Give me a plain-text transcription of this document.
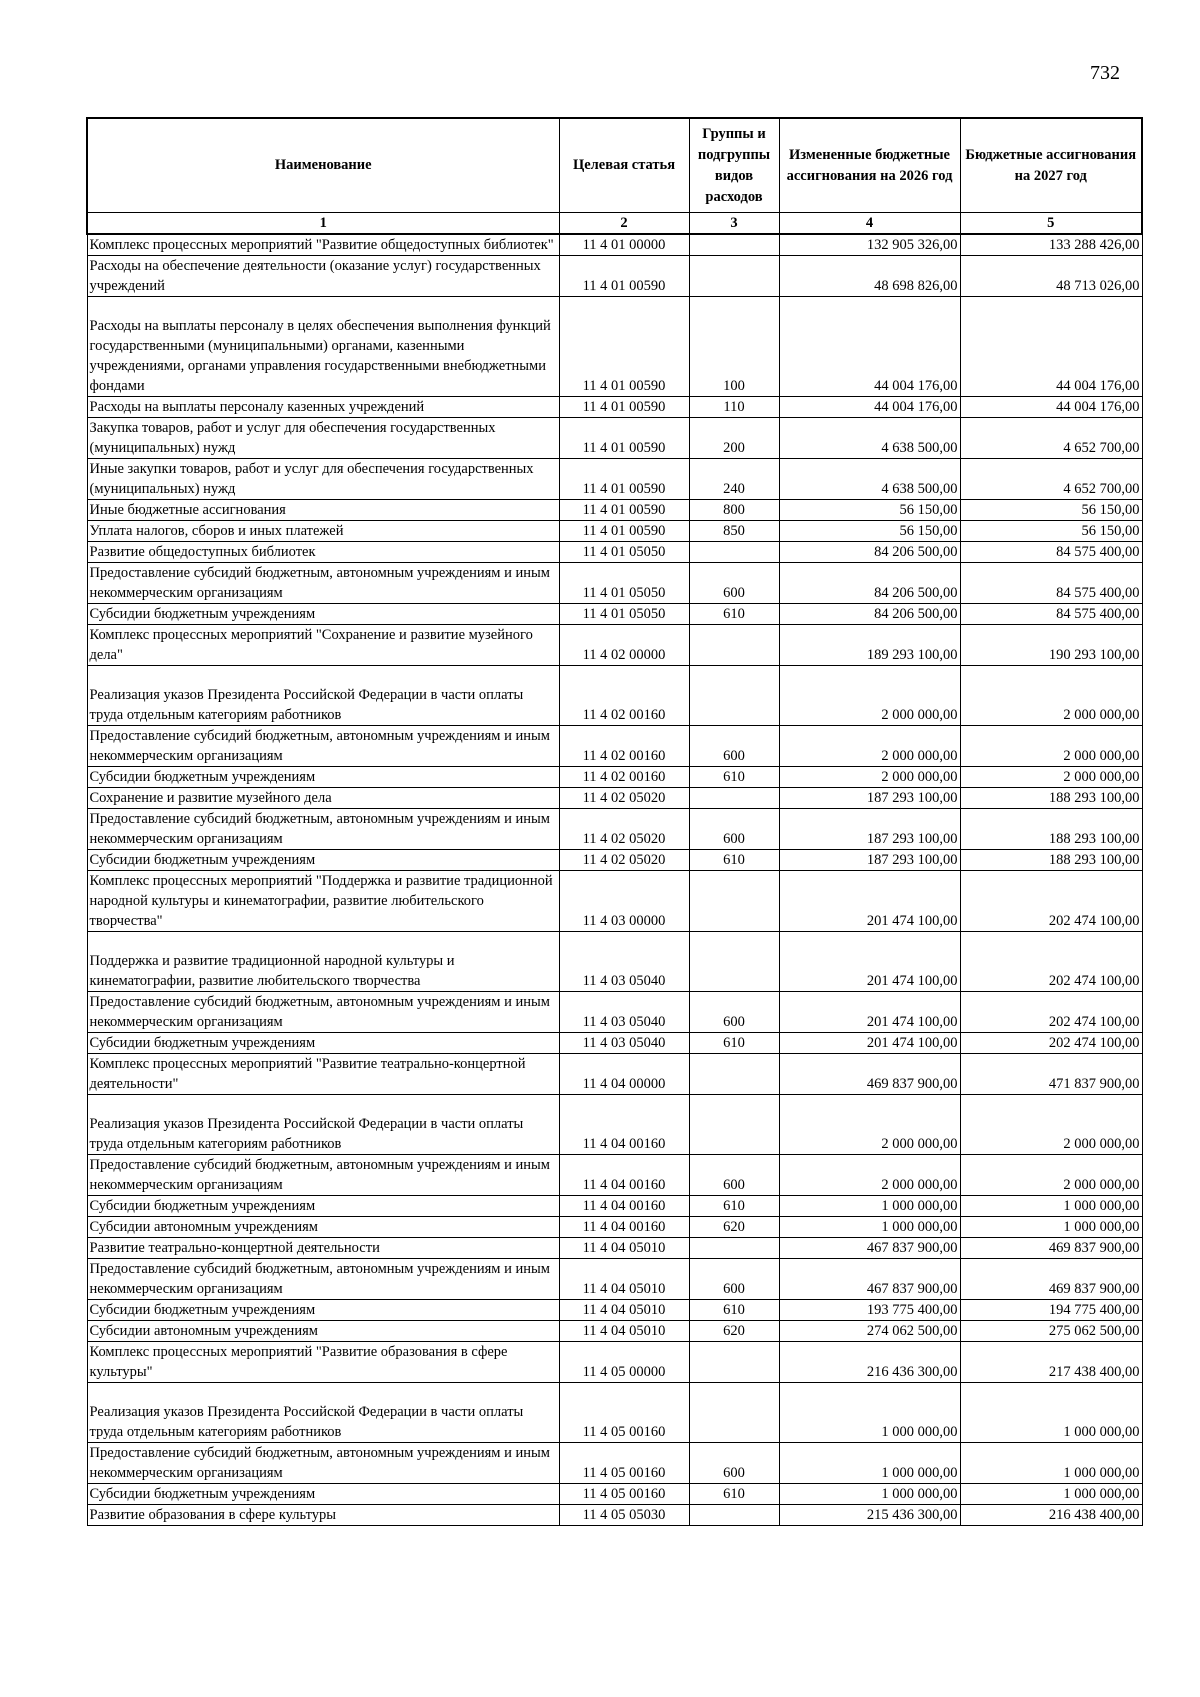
732
Наименование	Целевая статья	Группы и подгруппы видов расходов	Измененные бюджетные ассигнования на 2026 год	Бюджетные ассигнования на 2027 год
1	2	3	4	5
Комплекс процессных мероприятий "Развитие общедоступных библиотек"	11 4 01 00000		132 905 326,00	133 288 426,00
Расходы на обеспечение деятельности (оказание услуг) государственных учреждений	11 4 01 00590		48 698 826,00	48 713 026,00
Расходы на выплаты персоналу в целях обеспечения выполнения функций государственными (муниципальными) органами, казенными учреждениями, органами управления государственными внебюджетными фондами	11 4 01 00590	100	44 004 176,00	44 004 176,00
Расходы на выплаты персоналу казенных учреждений	11 4 01 00590	110	44 004 176,00	44 004 176,00
Закупка товаров, работ и услуг для обеспечения государственных (муниципальных) нужд	11 4 01 00590	200	4 638 500,00	4 652 700,00
Иные закупки товаров, работ и услуг для обеспечения государственных (муниципальных) нужд	11 4 01 00590	240	4 638 500,00	4 652 700,00
Иные бюджетные ассигнования	11 4 01 00590	800	56 150,00	56 150,00
Уплата налогов, сборов и иных платежей	11 4 01 00590	850	56 150,00	56 150,00
Развитие общедоступных библиотек	11 4 01 05050		84 206 500,00	84 575 400,00
Предоставление субсидий бюджетным, автономным учреждениям и иным некоммерческим организациям	11 4 01 05050	600	84 206 500,00	84 575 400,00
Субсидии бюджетным учреждениям	11 4 01 05050	610	84 206 500,00	84 575 400,00
Комплекс процессных мероприятий "Сохранение и развитие музейного дела"	11 4 02 00000		189 293 100,00	190 293 100,00
Реализация указов Президента Российской Федерации в части оплаты труда отдельным категориям работников	11 4 02 00160		2 000 000,00	2 000 000,00
Предоставление субсидий бюджетным, автономным учреждениям и иным некоммерческим организациям	11 4 02 00160	600	2 000 000,00	2 000 000,00
Субсидии бюджетным учреждениям	11 4 02 00160	610	2 000 000,00	2 000 000,00
Сохранение и развитие музейного дела	11 4 02 05020		187 293 100,00	188 293 100,00
Предоставление субсидий бюджетным, автономным учреждениям и иным некоммерческим организациям	11 4 02 05020	600	187 293 100,00	188 293 100,00
Субсидии бюджетным учреждениям	11 4 02 05020	610	187 293 100,00	188 293 100,00
Комплекс процессных мероприятий "Поддержка и развитие традиционной народной культуры и кинематографии, развитие любительского творчества"	11 4 03 00000		201 474 100,00	202 474 100,00
Поддержка и развитие традиционной народной культуры и кинематографии, развитие любительского творчества	11 4 03 05040		201 474 100,00	202 474 100,00
Предоставление субсидий бюджетным, автономным учреждениям и иным некоммерческим организациям	11 4 03 05040	600	201 474 100,00	202 474 100,00
Субсидии бюджетным учреждениям	11 4 03 05040	610	201 474 100,00	202 474 100,00
Комплекс процессных мероприятий "Развитие театрально-концертной деятельности"	11 4 04 00000		469 837 900,00	471 837 900,00
Реализация указов Президента Российской Федерации в части оплаты труда отдельным категориям работников	11 4 04 00160		2 000 000,00	2 000 000,00
Предоставление субсидий бюджетным, автономным учреждениям и иным некоммерческим организациям	11 4 04 00160	600	2 000 000,00	2 000 000,00
Субсидии бюджетным учреждениям	11 4 04 00160	610	1 000 000,00	1 000 000,00
Субсидии автономным учреждениям	11 4 04 00160	620	1 000 000,00	1 000 000,00
Развитие театрально-концертной деятельности	11 4 04 05010		467 837 900,00	469 837 900,00
Предоставление субсидий бюджетным, автономным учреждениям и иным некоммерческим организациям	11 4 04 05010	600	467 837 900,00	469 837 900,00
Субсидии бюджетным учреждениям	11 4 04 05010	610	193 775 400,00	194 775 400,00
Субсидии автономным учреждениям	11 4 04 05010	620	274 062 500,00	275 062 500,00
Комплекс процессных мероприятий "Развитие образования в сфере культуры"	11 4 05 00000		216 436 300,00	217 438 400,00
Реализация указов Президента Российской Федерации в части оплаты труда отдельным категориям работников	11 4 05 00160		1 000 000,00	1 000 000,00
Предоставление субсидий бюджетным, автономным учреждениям и иным некоммерческим организациям	11 4 05 00160	600	1 000 000,00	1 000 000,00
Субсидии бюджетным учреждениям	11 4 05 00160	610	1 000 000,00	1 000 000,00
Развитие образования в сфере культуры	11 4 05 05030		215 436 300,00	216 438 400,00
